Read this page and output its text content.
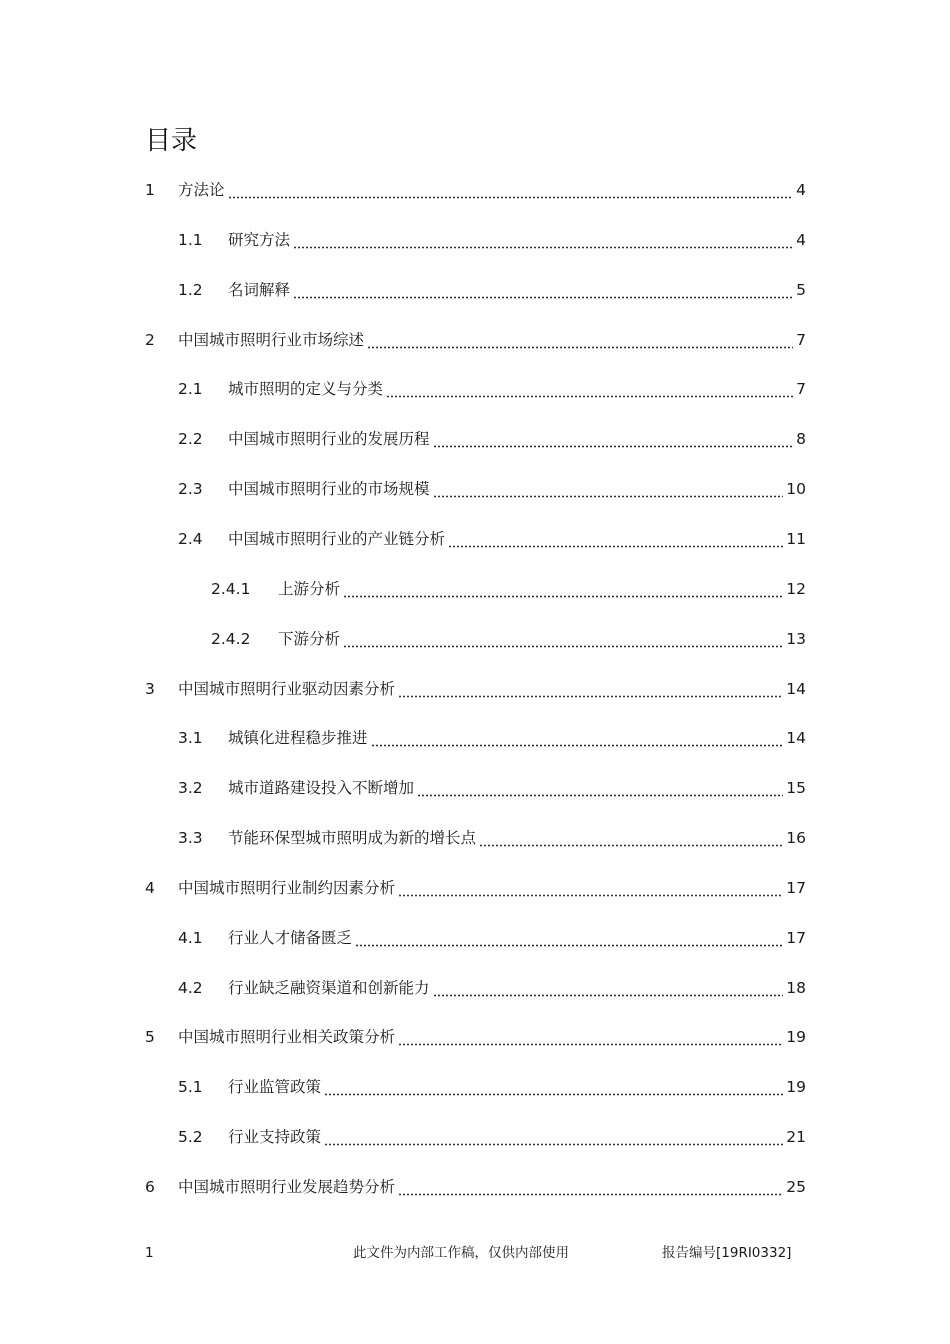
目录
1	方法论	4
1.1	研究方法	4
1.2	名词解释	5
2	中国城市照明行业市场综述	7
2.1	城市照明的定义与分类	7
2.2	中国城市照明行业的发展历程	8
2.3	中国城市照明行业的市场规模	10
2.4	中国城市照明行业的产业链分析	11
2.4.1	上游分析	12
2.4.2	下游分析	13
3	中国城市照明行业驱动因素分析	14
3.1	城镇化进程稳步推进	14
3.2	城市道路建设投入不断增加	15
3.3	节能环保型城市照明成为新的增长点	16
4	中国城市照明行业制约因素分析	17
4.1	行业人才储备匮乏	17
4.2	行业缺乏融资渠道和创新能力	18
5	中国城市照明行业相关政策分析	19
5.1	行业监管政策	19
5.2	行业支持政策	21
6	中国城市照明行业发展趋势分析	25
1	此文件为内部工作稿，仅供内部使用	报告编号[19RI0332]
